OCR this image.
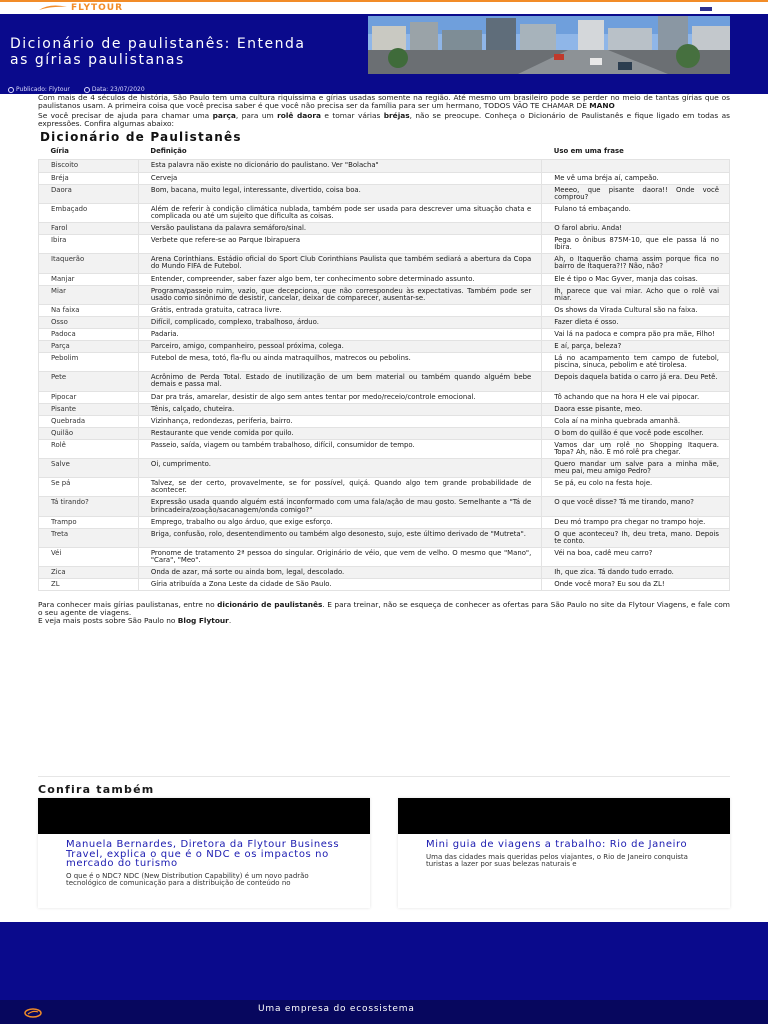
FLYTOUR
Dicionário de paulistanês: Entenda as gírias paulistanas
Publicado: Flytour	Data: 23/07/2020

Com mais de 4 séculos de história, São Paulo tem uma cultura riquíssima e gírias usadas somente na região. Até mesmo um brasileiro pode se perder no meio de tantas gírias que os paulistanos usam. A primeira coisa que você precisa saber é que você não precisa ser da família para ser um hermano, TODOS VÃO TE CHAMAR DE MANO

Se você precisar de ajuda para chamar uma parça, para um rolê daora e tomar várias bréjas, não se preocupe. Conheça o Dicionário de Paulistanês e fique ligado em todas as expressões. Confira algumas abaixo:

Dicionário de Paulistanês
Gíria	Definição	Uso em uma frase
Biscoito	Esta palavra não existe no dicionário do paulistano. Ver "Bolacha"	
Bréja	Cerveja	Me vê uma bréja aí, campeão.
Daora	Bom, bacana, muito legal, interessante, divertido, coisa boa.	Meeeo, que pisante daora!! Onde você comprou?
Embaçado	Além de referir à condição climática nublada, também pode ser usada para descrever uma situação chata e complicada ou até um sujeito que dificulta as coisas.	Fulano tá embaçando.
Farol	Versão paulistana da palavra semáforo/sinal.	O farol abriu. Anda!
Ibira	Verbete que refere-se ao Parque Ibirapuera	Pega o ônibus 875M-10, que ele passa lá no Ibira.
Itaquerão	Arena Corinthians. Estádio oficial do Sport Club Corinthians Paulista que também sediará a abertura da Copa do Mundo FIFA de Futebol.	Ah, o Itaquerão chama assim porque fica no bairro de Itaquera?!? Não, não?
Manjar	Entender, compreender, saber fazer algo bem, ter conhecimento sobre determinado assunto.	Ele é tipo o Mac Gyver, manja das coisas.
Miar	Programa/passeio ruim, vazio, que decepciona, que não correspondeu às expectativas. Também pode ser usado como sinônimo de desistir, cancelar, deixar de comparecer, ausentar-se.	Ih, parece que vai miar. Acho que o rolê vai miar.
Na faixa	Grátis, entrada gratuita, catraca livre.	Os shows da Virada Cultural são na faixa.
Osso	Difícil, complicado, complexo, trabalhoso, árduo.	Fazer dieta é osso.
Padoca	Padaria.	Vai lá na padoca e compra pão pra mãe, Filho!
Parça	Parceiro, amigo, companheiro, pessoal próxima, colega.	E aí, parça, beleza?
Pebolim	Futebol de mesa, totó, fla-flu ou ainda matraquilhos, matrecos ou pebolins.	Lá no acampamento tem campo de futebol, piscina, sinuca, pebolim e até tirolesa.
Pete	Acrônimo de Perda Total. Estado de inutilização de um bem material ou também quando alguém bebe demais e passa mal.	Depois daquela batida o carro já era. Deu Petê.
Pipocar	Dar pra trás, amarelar, desistir de algo sem antes tentar por medo/receio/controle emocional.	Tô achando que na hora H ele vai pipocar.
Pisante	Tênis, calçado, chuteira.	Daora esse pisante, meo.
Quebrada	Vizinhança, redondezas, periferia, bairro.	Cola aí na minha quebrada amanhã.
Quilão	Restaurante que vende comida por quilo.	O bom do quilão é que você pode escolher.
Rolê	Passeio, saída, viagem ou também trabalhoso, difícil, consumidor de tempo.	Vamos dar um rolê no Shopping Itaquera. Topa? Ah, não. É mó rolê pra chegar.
Salve	Oi, cumprimento.	Quero mandar um salve para a minha mãe, meu pai, meu amigo Pedro?
Se pá	Talvez, se der certo, provavelmente, se for possível, quiçá. Quando algo tem grande probabilidade de acontecer.	Se pá, eu colo na festa hoje.
Tá tirando?	Expressão usada quando alguém está inconformado com uma fala/ação de mau gosto. Semelhante a "Tá de brincadeira/zoação/sacanagem/onda comigo?"	O que você disse? Tá me tirando, mano?
Trampo	Emprego, trabalho ou algo árduo, que exige esforço.	Deu mó trampo pra chegar no trampo hoje.
Treta	Briga, confusão, rolo, desentendimento ou também algo desonesto, sujo, este último derivado de "Mutreta".	O que aconteceu? Ih, deu treta, mano. Depois te conto.
Véi	Pronome de tratamento 2ª pessoa do singular. Originário de véio, que vem de velho. O mesmo que "Mano", "Cara", "Meo".	Véi na boa, cadê meu carro?
Zica	Onda de azar, má sorte ou ainda bom, legal, descolado.	Ih, que zica. Tá dando tudo errado.
ZL	Gíria atribuída a Zona Leste da cidade de São Paulo.	Onde você mora? Eu sou da ZL!

Para conhecer mais gírias paulistanas, entre no dicionário de paulistanês. E para treinar, não se esqueça de conhecer as ofertas para São Paulo no site da Flytour Viagens, e fale com o seu agente de viagens.

E veja mais posts sobre São Paulo no Blog Flytour.

Confira também
Manuela Bernardes, Diretora da Flytour Business Travel, explica o que é o NDC e os impactos no mercado do turismo
O que é o NDC? NDC (New Distribution Capability) é um novo padrão tecnológico de comunicação para a distribuição de conteúdo no
Mini guia de viagens a trabalho: Rio de Janeiro
Uma das cidades mais queridas pelos viajantes, o Rio de Janeiro conquista turistas a lazer por suas belezas naturais e
Uma empresa do ecossistema
